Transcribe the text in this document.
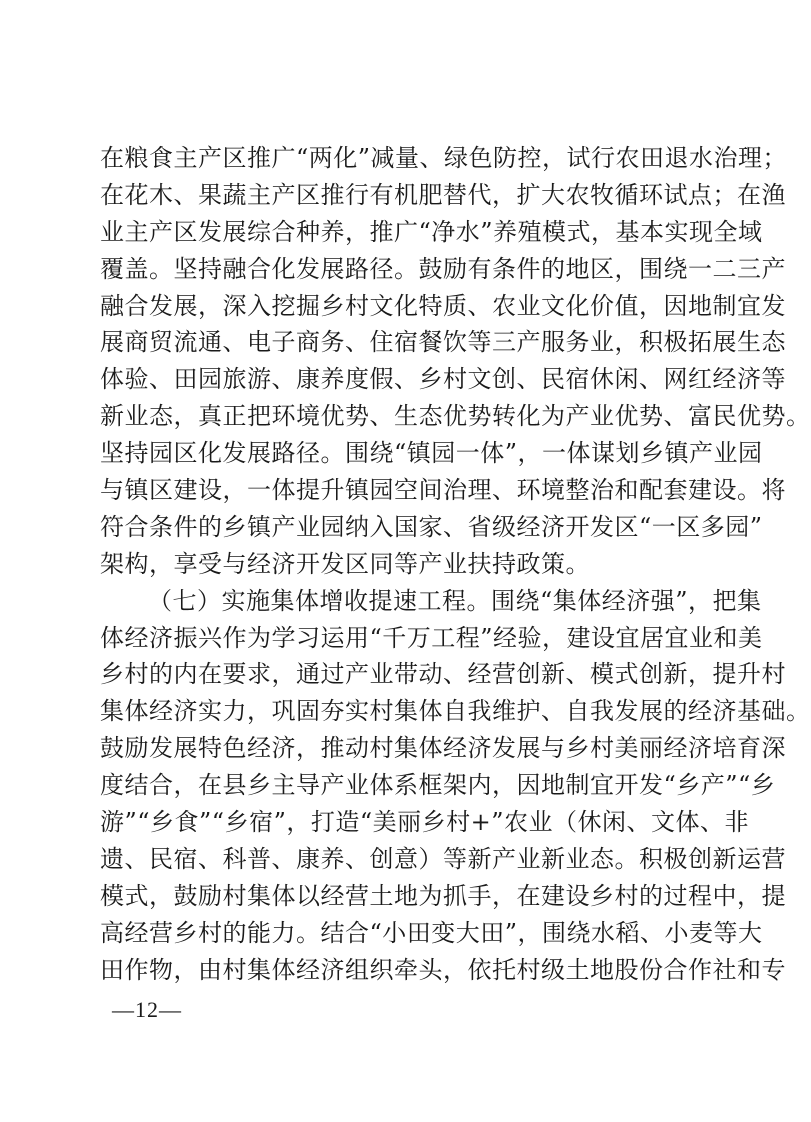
在粮食主产区推广“两化”减量、绿色防控，试行农田退水治理；
在花木、果蔬主产区推行有机肥替代，扩大农牧循环试点；在渔
业主产区发展综合种养，推广“净水”养殖模式，基本实现全域
覆盖。坚持融合化发展路径。鼓励有条件的地区，围绕一二三产
融合发展，深入挖掘乡村文化特质、农业文化价值，因地制宜发
展商贸流通、电子商务、住宿餐饮等三产服务业，积极拓展生态
体验、田园旅游、康养度假、乡村文创、民宿休闲、网红经济等
新业态，真正把环境优势、生态优势转化为产业优势、富民优势。
坚持园区化发展路径。围绕“镇园一体”，一体谋划乡镇产业园
与镇区建设，一体提升镇园空间治理、环境整治和配套建设。将
符合条件的乡镇产业园纳入国家、省级经济开发区“一区多园”
架构，享受与经济开发区同等产业扶持政策。
（七）实施集体增收提速工程。围绕“集体经济强”，把集
体经济振兴作为学习运用“千万工程”经验，建设宜居宜业和美
乡村的内在要求，通过产业带动、经营创新、模式创新，提升村
集体经济实力，巩固夯实村集体自我维护、自我发展的经济基础。
鼓励发展特色经济，推动村集体经济发展与乡村美丽经济培育深
度结合，在县乡主导产业体系框架内，因地制宜开发“乡产”“乡
游”“乡食”“乡宿”，打造“美丽乡村+”农业（休闲、文体、非
遗、民宿、科普、康养、创意）等新产业新业态。积极创新运营
模式，鼓励村集体以经营土地为抓手，在建设乡村的过程中，提
高经营乡村的能力。结合“小田变大田”，围绕水稻、小麦等大
田作物，由村集体经济组织牵头，依托村级土地股份合作社和专
—12—
